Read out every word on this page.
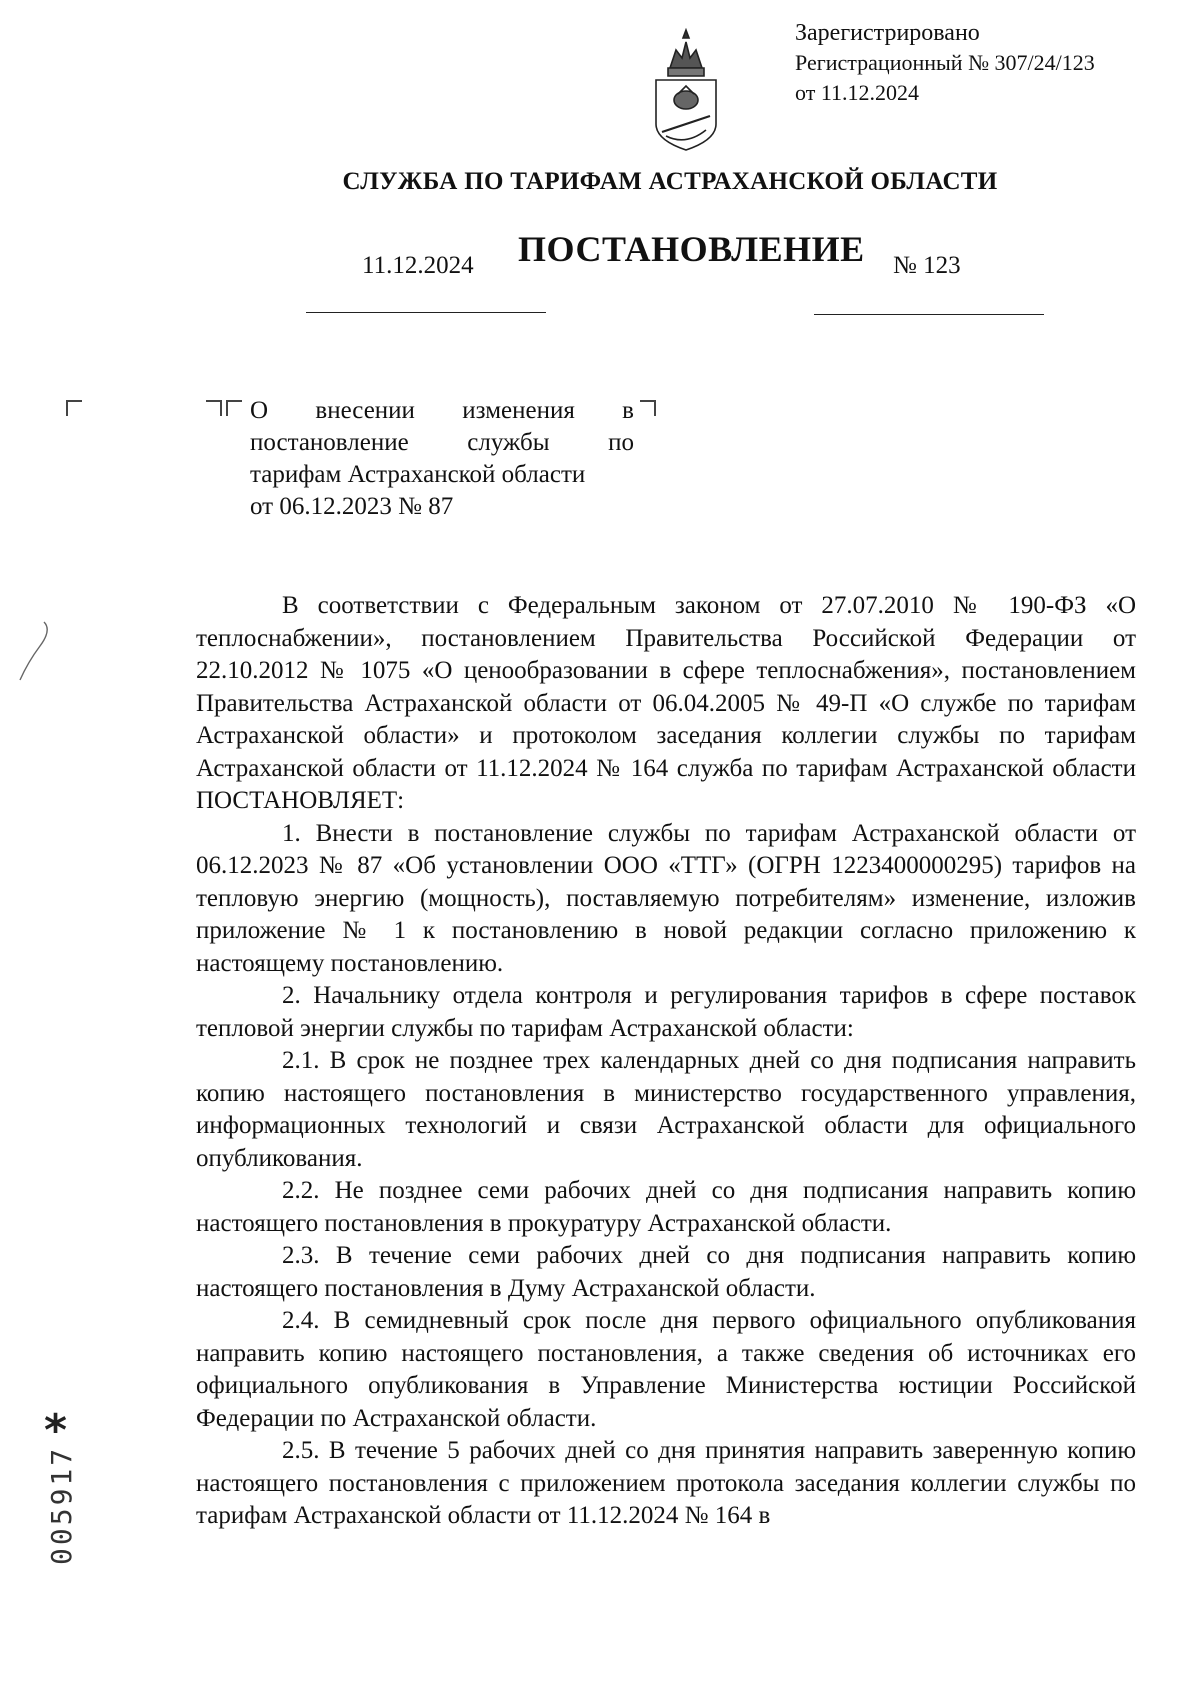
Зарегистрировано
Регистрационный № 307/24/123
от 11.12.2024
СЛУЖБА ПО ТАРИФАМ АСТРАХАНСКОЙ ОБЛАСТИ
ПОСТАНОВЛЕНИЕ
11.12.2024	№ 123
О внесении изменения в
постановление службы по
тарифам Астраханской области
от 06.12.2023 № 87

В соответствии с Федеральным законом от 27.07.2010 № 190-ФЗ «О теплоснабжении», постановлением Правительства Российской Федерации от 22.10.2012 № 1075 «О ценообразовании в сфере теплоснабжения», постановлением Правительства Астраханской области от 06.04.2005 № 49-П «О службе по тарифам Астраханской области» и протоколом заседания коллегии службы по тарифам Астраханской области от 11.12.2024 № 164 служба по тарифам Астраханской области ПОСТАНОВЛЯЕТ:

1. Внести в постановление службы по тарифам Астраханской области от 06.12.2023 № 87 «Об установлении ООО «ТТГ» (ОГРН 1223400000295) тарифов на тепловую энергию (мощность), поставляемую потребителям» изменение, изложив приложение № 1 к постановлению в новой редакции согласно приложению к настоящему постановлению.

2. Начальнику отдела контроля и регулирования тарифов в сфере поставок тепловой энергии службы по тарифам Астраханской области:

2.1. В срок не позднее трех календарных дней со дня подписания направить копию настоящего постановления в министерство государственного управления, информационных технологий и связи Астраханской области для официального опубликования.

2.2. Не позднее семи рабочих дней со дня подписания направить копию настоящего постановления в прокуратуру Астраханской области.

2.3. В течение семи рабочих дней со дня подписания направить копию настоящего постановления в Думу Астраханской области.

2.4. В семидневный срок после дня первого официального опубликования направить копию настоящего постановления, а также сведения об источниках его официального опубликования в Управление Министерства юстиции Российской Федерации по Астраханской области.

2.5. В течение 5 рабочих дней со дня принятия направить заверенную копию настоящего постановления с приложением протокола заседания коллегии службы по тарифам Астраханской области от 11.12.2024 № 164 в

*
005917
